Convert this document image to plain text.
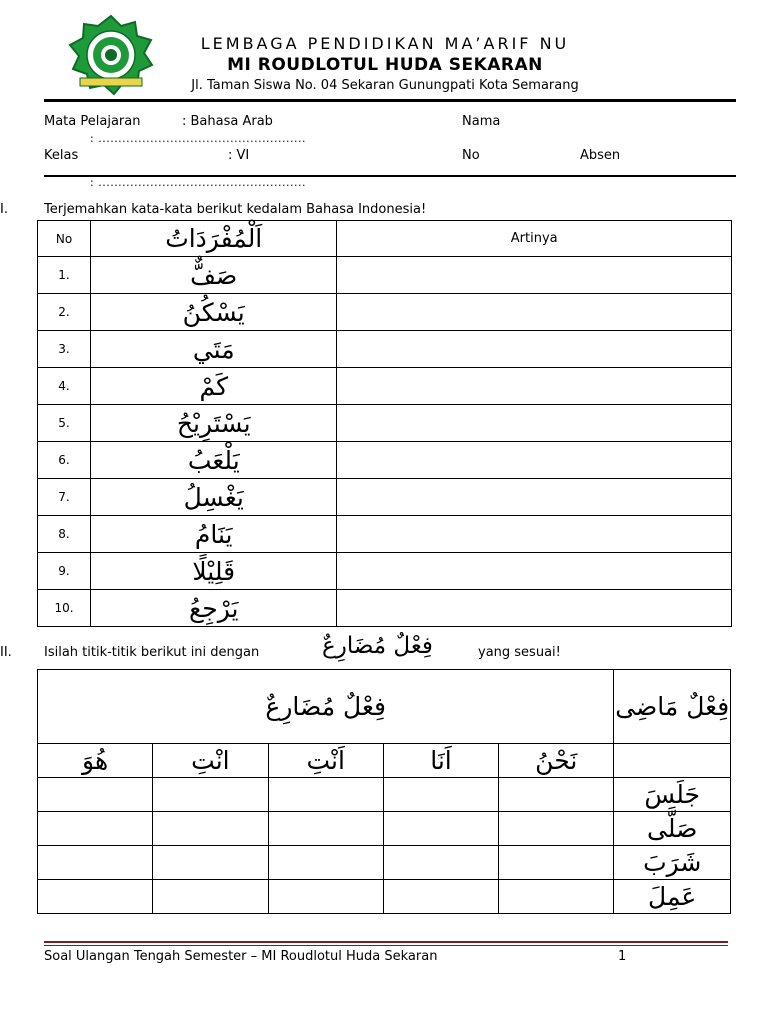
LEMBAGA PENDIDIKAN MA’ARIF NU
MI ROUDLOTUL HUDA SEKARAN
Jl. Taman Siswa No. 04 Sekaran Gunungpati Kota Semarang
Mata Pelajaran	: Bahasa Arab	Nama
: ....................................................
Kelas	: VI	No	Absen
: ....................................................
I.	Terjemahkan kata-kata berikut kedalam Bahasa Indonesia!
No	اَلْمُفْرَدَاتُ	Artinya
1.	صَفٌّ	
2.	يَسْكُنُ	
3.	مَتَي	
4.	كَمْ	
5.	يَسْتَرِيْحُ	
6.	يَلْعَبُ	
7.	يَغْسِلُ	
8.	يَنَامُ	
9.	قَلِيْلًا	
10.	يَرْجِعُ	
II. Isilah titik-titik berikut ini dengan	فِعْلٌ مُضَارِعٌ	yang sesuai!
فِعْلٌ مُضَارِعٌ					فِعْلٌ مَاضِى
هُوَ	انْتِ	اَنْتِ	اَنَا	نَحْنُ	
					جَلَسَ
					صَلَّى
					شَرَبَ
					عَمِلَ
Soal Ulangan Tengah Semester – MI Roudlotul Huda Sekaran	1
